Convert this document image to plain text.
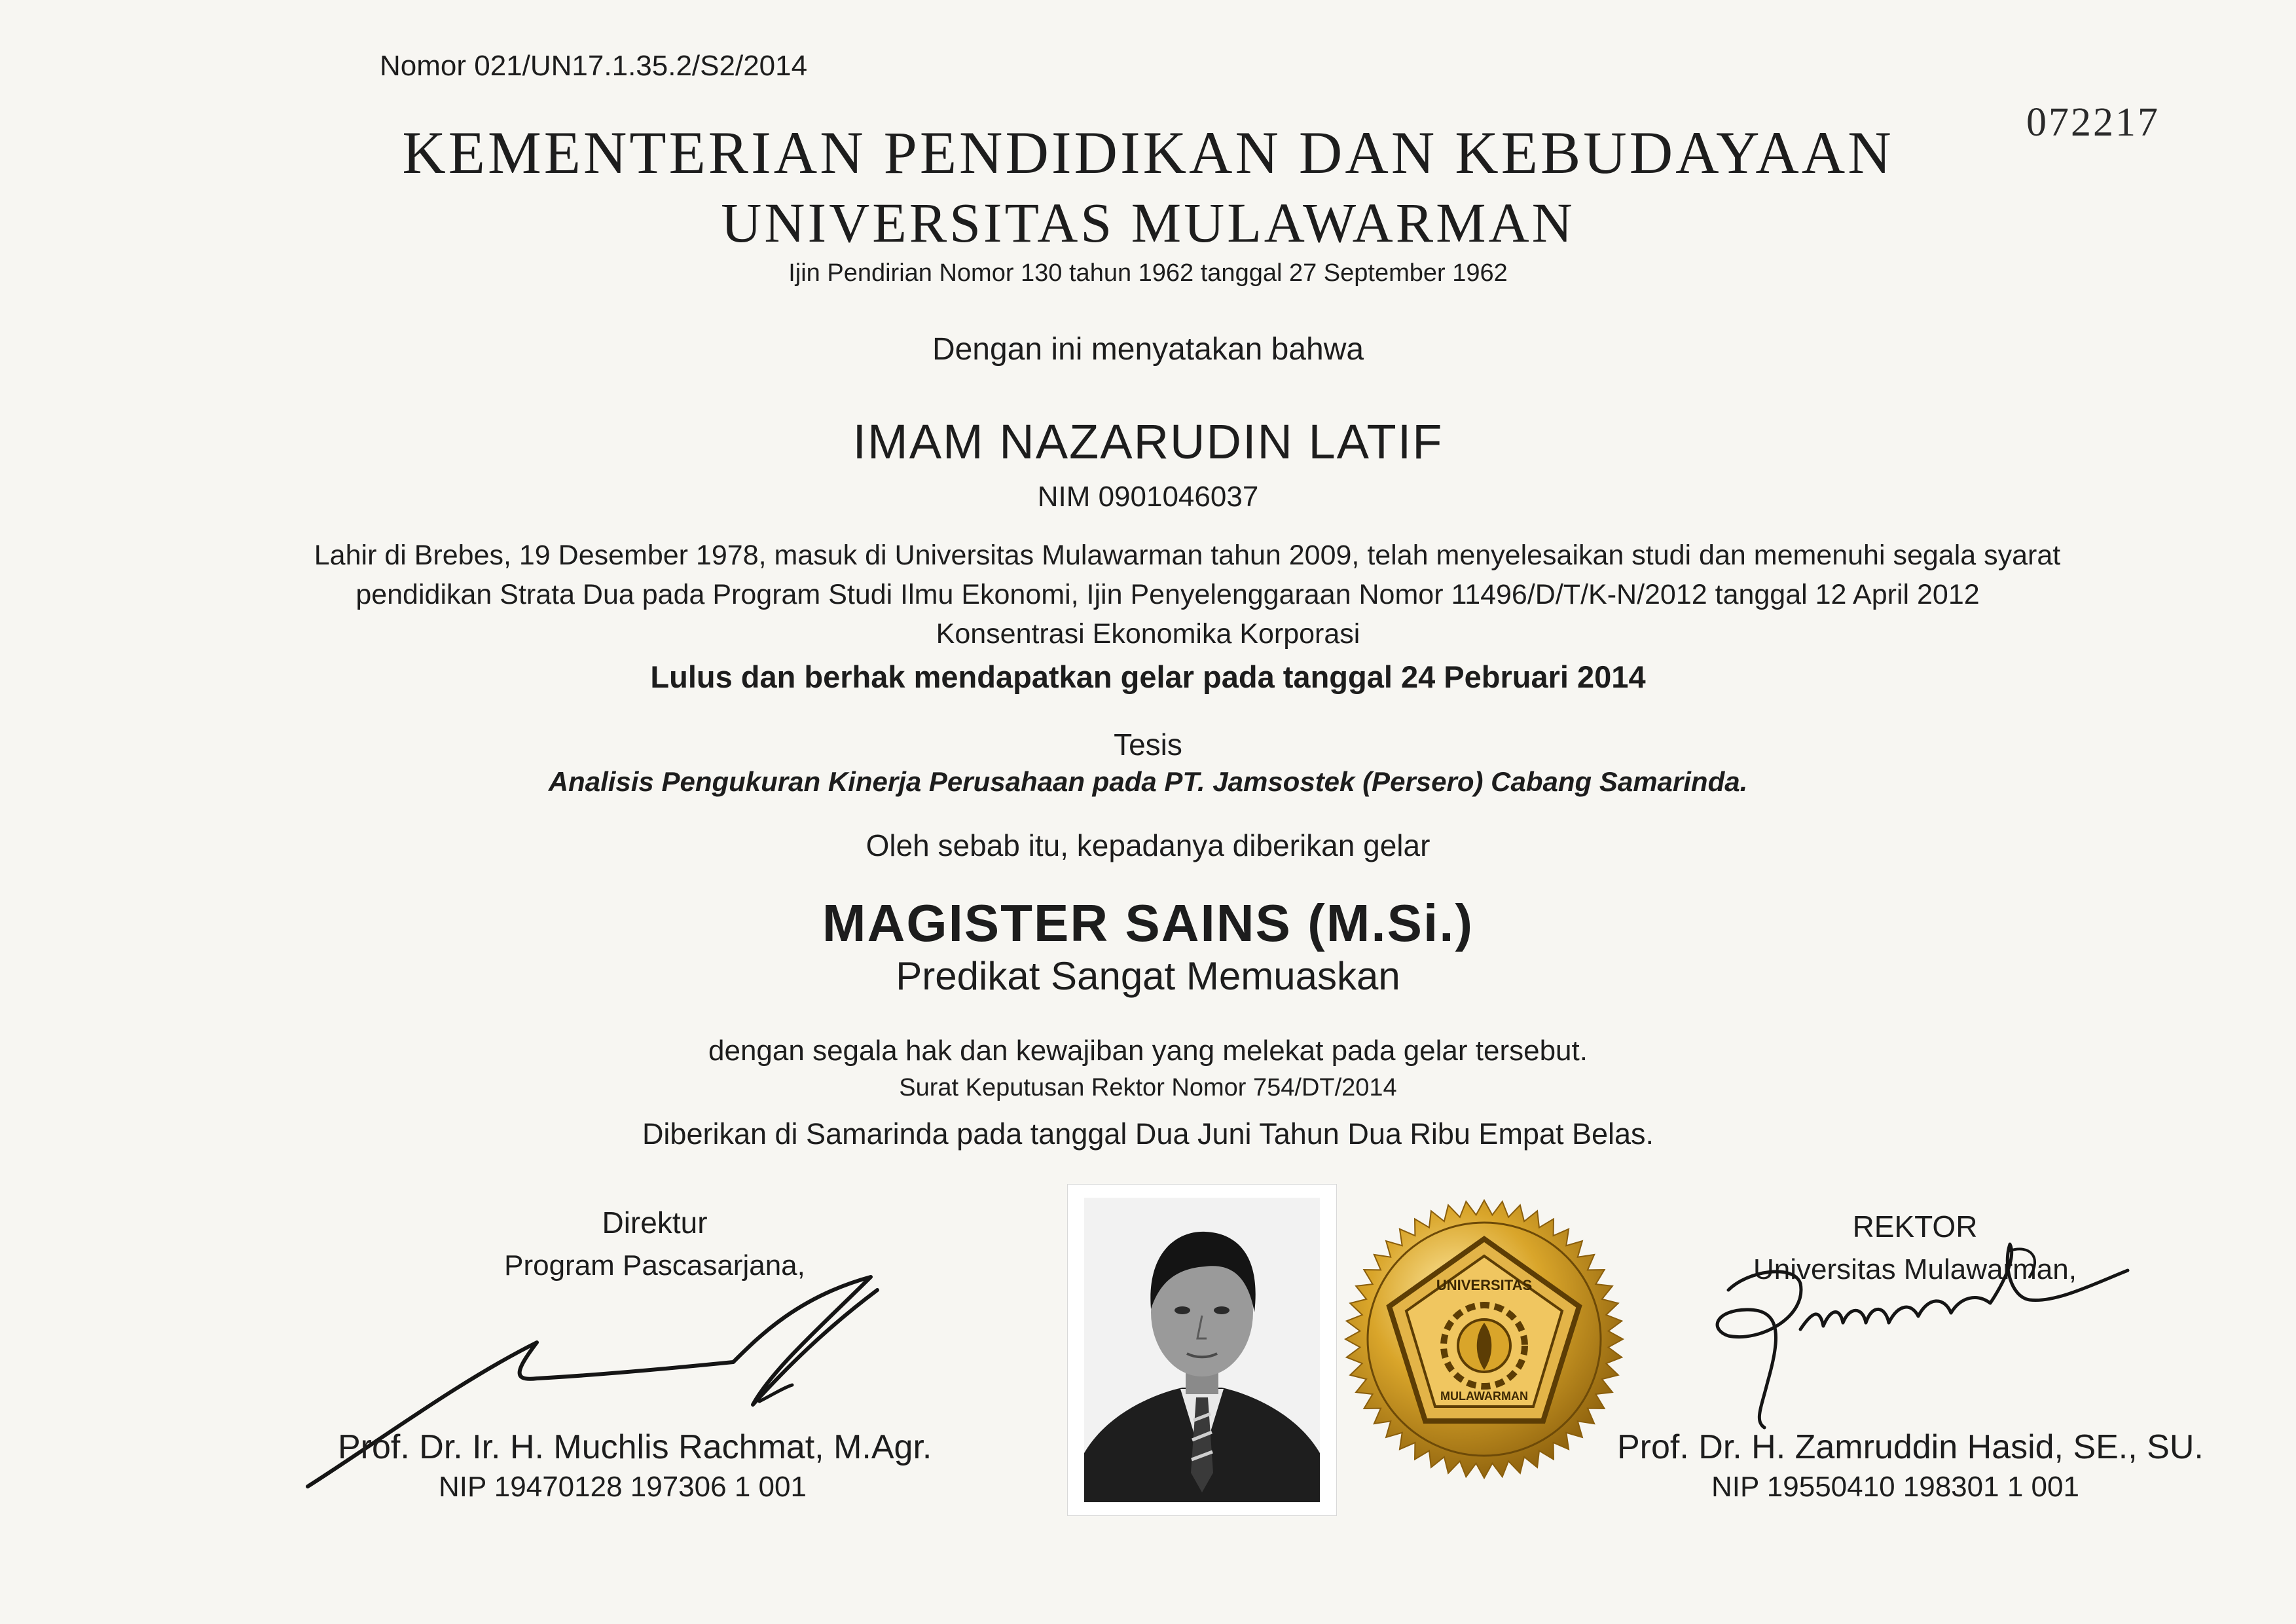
Nomor 021/UN17.1.35.2/S2/2014
072217
KEMENTERIAN PENDIDIKAN DAN KEBUDAYAAN
UNIVERSITAS MULAWARMAN
Ijin Pendirian Nomor 130 tahun 1962 tanggal 27 September 1962
Dengan ini menyatakan bahwa
IMAM NAZARUDIN LATIF
NIM 0901046037
Lahir di Brebes, 19 Desember 1978, masuk di Universitas Mulawarman tahun 2009, telah menyelesaikan studi dan memenuhi segala syarat
pendidikan Strata Dua pada Program Studi Ilmu Ekonomi, Ijin Penyelenggaraan Nomor 11496/D/T/K-N/2012 tanggal 12 April 2012
Konsentrasi Ekonomika Korporasi
Lulus dan berhak mendapatkan gelar pada tanggal 24 Pebruari 2014
Tesis
Analisis Pengukuran Kinerja Perusahaan pada PT. Jamsostek (Persero) Cabang Samarinda.
Oleh sebab itu, kepadanya diberikan gelar
MAGISTER SAINS (M.Si.)
Predikat Sangat Memuaskan
dengan segala hak dan kewajiban yang melekat pada gelar tersebut.
Surat Keputusan Rektor Nomor 754/DT/2014
Diberikan di Samarinda pada tanggal Dua Juni Tahun Dua Ribu Empat Belas.
Direktur
Program Pascasarjana,
Prof. Dr. Ir. H. Muchlis Rachmat, M.Agr.
NIP 19470128 197306 1 001
UNIVERSITAS
MULAWARMAN
REKTOR
Universitas Mulawarman,
Prof. Dr. H. Zamruddin Hasid, SE., SU.
NIP 19550410 198301 1 001
